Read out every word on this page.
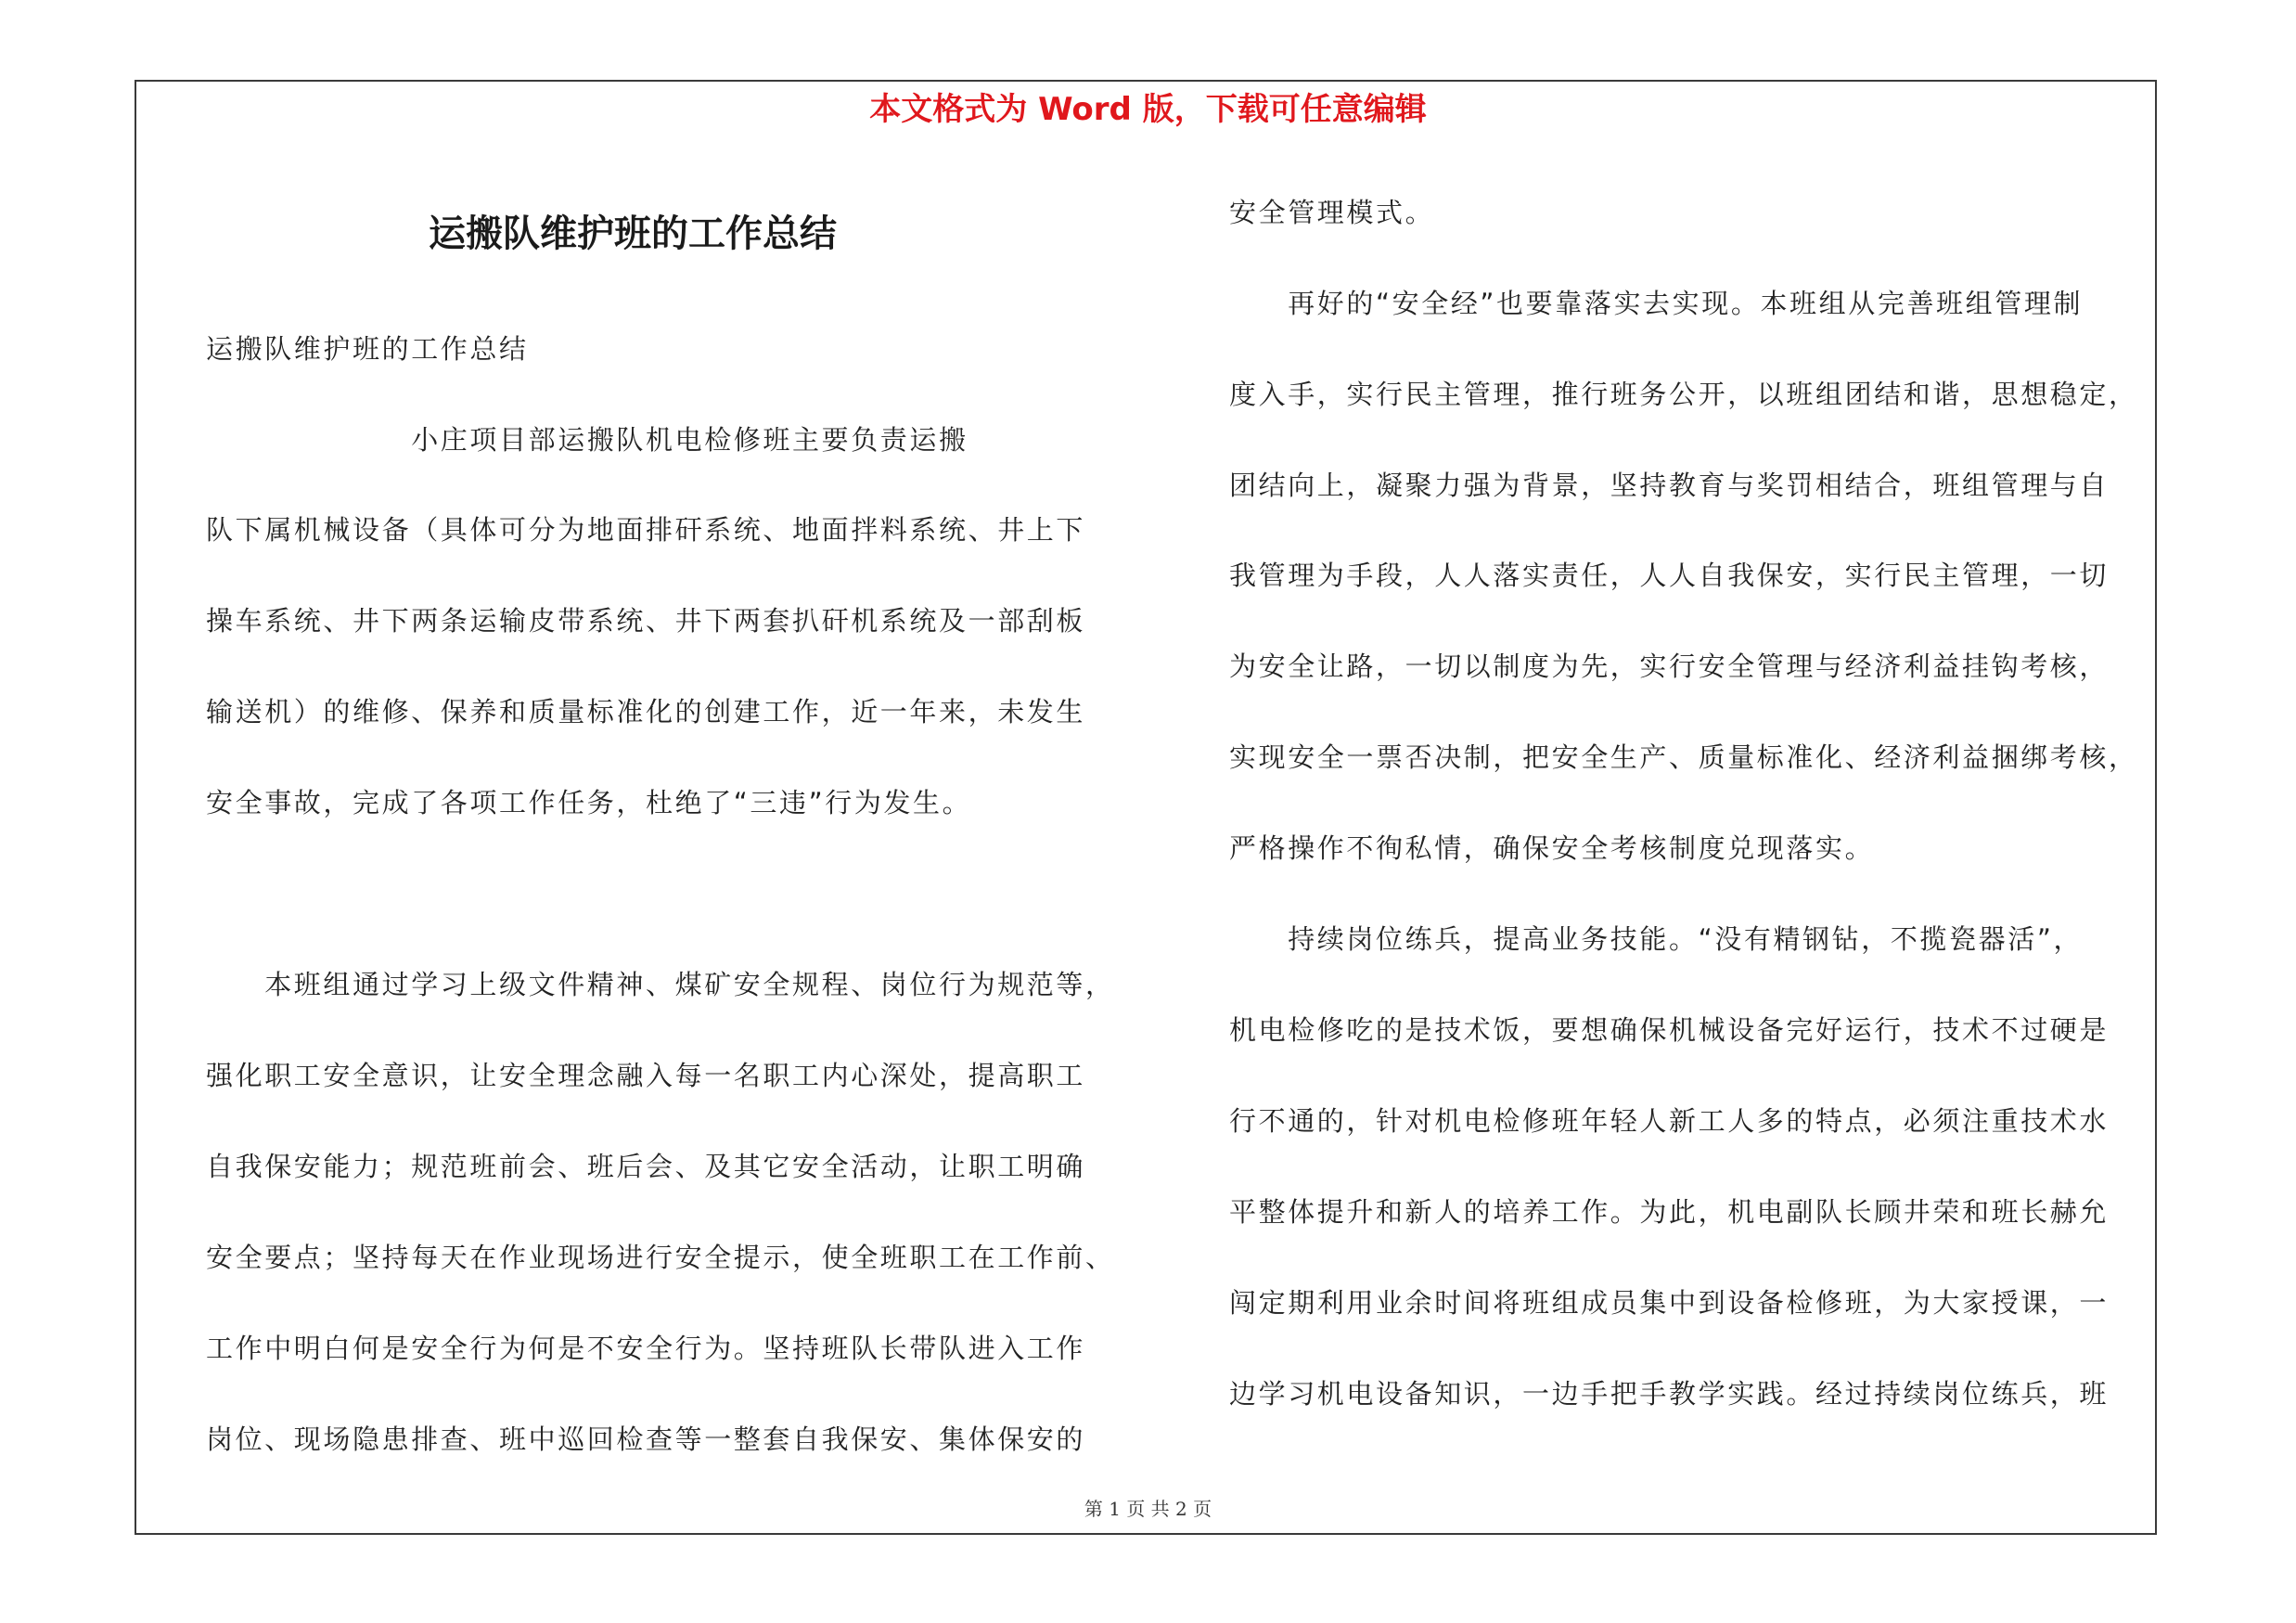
本文格式为 Word 版，下载可任意编辑
运搬队维护班的工作总结
运搬队维护班的工作总结
　　　　　　　小庄项目部运搬队机电检修班主要负责运搬
队下属机械设备（具体可分为地面排矸系统、地面拌料系统、井上下
操车系统、井下两条运输皮带系统、井下两套扒矸机系统及一部刮板
输送机）的维修、保养和质量标准化的创建工作，近一年来，未发生
安全事故，完成了各项工作任务，杜绝了“三违”行为发生。
　　本班组通过学习上级文件精神、煤矿安全规程、岗位行为规范等，
强化职工安全意识，让安全理念融入每一名职工内心深处，提高职工
自我保安能力；规范班前会、班后会、及其它安全活动，让职工明确
安全要点；坚持每天在作业现场进行安全提示，使全班职工在工作前、
工作中明白何是安全行为何是不安全行为。坚持班队长带队进入工作
岗位、现场隐患排查、班中巡回检查等一整套自我保安、集体保安的
安全管理模式。
　　再好的“安全经”也要靠落实去实现。本班组从完善班组管理制
度入手，实行民主管理，推行班务公开，以班组团结和谐，思想稳定，
团结向上，凝聚力强为背景，坚持教育与奖罚相结合，班组管理与自
我管理为手段，人人落实责任，人人自我保安，实行民主管理，一切
为安全让路，一切以制度为先，实行安全管理与经济利益挂钩考核，
实现安全一票否决制，把安全生产、质量标准化、经济利益捆绑考核，
严格操作不徇私情，确保安全考核制度兑现落实。
　　持续岗位练兵，提高业务技能。“没有精钢钻，不揽瓷器活”，
机电检修吃的是技术饭，要想确保机械设备完好运行，技术不过硬是
行不通的，针对机电检修班年轻人新工人多的特点，必须注重技术水
平整体提升和新人的培养工作。为此，机电副队长顾井荣和班长赫允
闯定期利用业余时间将班组成员集中到设备检修班，为大家授课，一
边学习机电设备知识，一边手把手教学实践。经过持续岗位练兵，班
第 1 页 共 2 页
